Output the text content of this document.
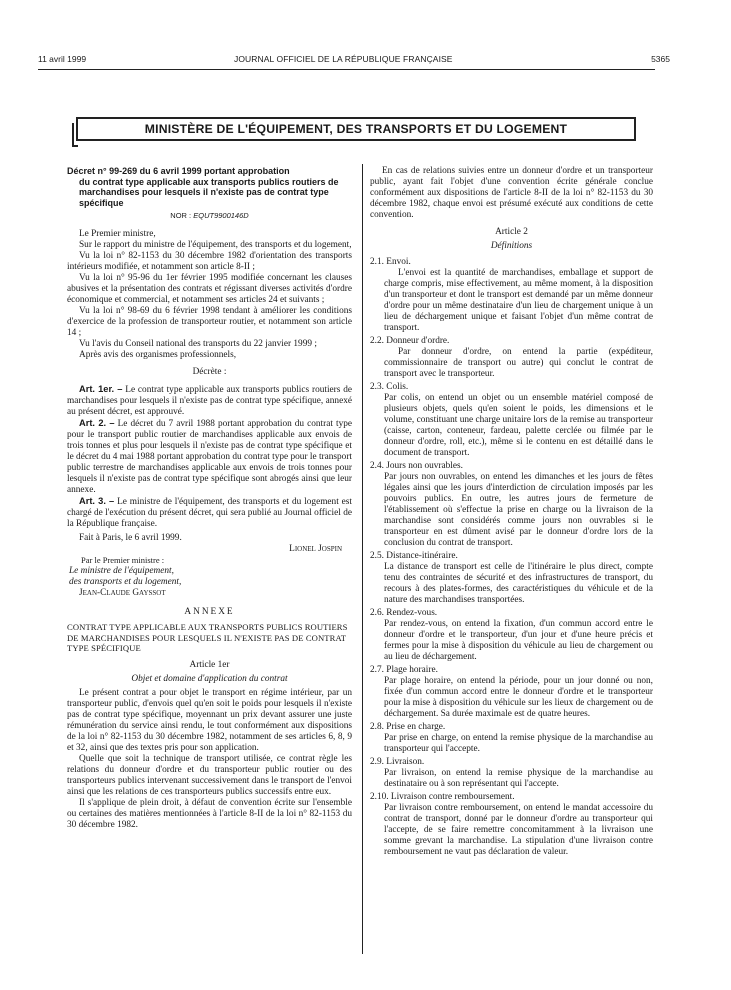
11 avril 1999	JOURNAL OFFICIEL DE LA RÉPUBLIQUE FRANÇAISE	5365
MINISTÈRE DE L'ÉQUIPEMENT, DES TRANSPORTS ET DU LOGEMENT
Décret n° 99-269 du 6 avril 1999 portant approbation
du contrat type applicable aux transports publics routiers de marchandises pour lesquels il n'existe pas de contrat type spécifique
NOR : EQUT9900146D

Le Premier ministre,

Sur le rapport du ministre de l'équipement, des transports et du logement,

Vu la loi n° 82-1153 du 30 décembre 1982 d'orientation des transports intérieurs modifiée, et notamment son article 8-II ;

Vu la loi n° 95-96 du 1er février 1995 modifiée concernant les clauses abusives et la présentation des contrats et régissant diverses activités d'ordre économique et commercial, et notamment ses articles 24 et suivants ;

Vu la loi n° 98-69 du 6 février 1998 tendant à améliorer les conditions d'exercice de la profession de transporteur routier, et notamment son article 14 ;

Vu l'avis du Conseil national des transports du 22 janvier 1999 ;

Après avis des organismes professionnels,

Décrète :

Art. 1er. – Le contrat type applicable aux transports publics routiers de marchandises pour lesquels il n'existe pas de contrat type spécifique, annexé au présent décret, est approuvé.

Art. 2. – Le décret du 7 avril 1988 portant approbation du contrat type pour le transport public routier de marchandises applicable aux envois de trois tonnes et plus pour lesquels il n'existe pas de contrat type spécifique et le décret du 4 mai 1988 portant approbation du contrat type pour le transport public terrestre de marchandises applicable aux envois de trois tonnes pour lesquels il n'existe pas de contrat type spécifique sont abrogés ainsi que leur annexe.

Art. 3. – Le ministre de l'équipement, des transports et du logement est chargé de l'exécution du présent décret, qui sera publié au Journal officiel de la République française.

Fait à Paris, le 6 avril 1999.

Lionel Jospin

Par le Premier ministre :

Le ministre de l'équipement,

des transports et du logement,

Jean-Claude Gayssot

ANNEXE

CONTRAT TYPE APPLICABLE AUX TRANSPORTS PUBLICS ROUTIERS DE MARCHANDISES POUR LESQUELS IL N'EXISTE PAS DE CONTRAT TYPE SPÉCIFIQUE

Article 1er

Objet et domaine d'application du contrat

Le présent contrat a pour objet le transport en régime intérieur, par un transporteur public, d'envois quel qu'en soit le poids pour lesquels il n'existe pas de contrat type spécifique, moyennant un prix devant assurer une juste rémunération du service ainsi rendu, le tout conformément aux dispositions de la loi n° 82-1153 du 30 décembre 1982, notamment de ses articles 6, 8, 9 et 32, ainsi que des textes pris pour son application.

Quelle que soit la technique de transport utilisée, ce contrat règle les relations du donneur d'ordre et du transporteur public routier ou des transporteurs publics intervenant successivement dans le transport de l'envoi ainsi que les relations de ces transporteurs publics successifs entre eux.

Il s'applique de plein droit, à défaut de convention écrite sur l'ensemble ou certaines des matières mentionnées à l'article 8-II de la loi n° 82-1153 du 30 décembre 1982.

En cas de relations suivies entre un donneur d'ordre et un transporteur public, ayant fait l'objet d'une convention écrite générale conclue conformément aux dispositions de l'article 8-II de la loi n° 82-1153 du 30 décembre 1982, chaque envoi est présumé exécuté aux conditions de cette convention.

Article 2

Définitions

2.1. Envoi.

L'envoi est la quantité de marchandises, emballage et support de charge compris, mise effectivement, au même moment, à la disposition d'un transporteur et dont le transport est demandé par un même donneur d'ordre pour un même destinataire d'un lieu de chargement unique à un lieu de déchargement unique et faisant l'objet d'un même contrat de transport.

2.2. Donneur d'ordre.

Par donneur d'ordre, on entend la partie (expéditeur, commissionnaire de transport ou autre) qui conclut le contrat de transport avec le transporteur.

2.3. Colis.

Par colis, on entend un objet ou un ensemble matériel composé de plusieurs objets, quels qu'en soient le poids, les dimensions et le volume, constituant une charge unitaire lors de la remise au transporteur (caisse, carton, conteneur, fardeau, palette cerclée ou filmée par le donneur d'ordre, roll, etc.), même si le contenu en est détaillé dans le document de transport.

2.4. Jours non ouvrables.

Par jours non ouvrables, on entend les dimanches et les jours de fêtes légales ainsi que les jours d'interdiction de circulation imposés par les pouvoirs publics. En outre, les autres jours de fermeture de l'établissement où s'effectue la prise en charge ou la livraison de la marchandise sont considérés comme jours non ouvrables si le transporteur en est dûment avisé par le donneur d'ordre lors de la conclusion du contrat de transport.

2.5. Distance-itinéraire.

La distance de transport est celle de l'itinéraire le plus direct, compte tenu des contraintes de sécurité et des infrastructures de transport, du recours à des plates-formes, des caractéristiques du véhicule et de la nature des marchandises transportées.

2.6. Rendez-vous.

Par rendez-vous, on entend la fixation, d'un commun accord entre le donneur d'ordre et le transporteur, d'un jour et d'une heure précis et fermes pour la mise à disposition du véhicule au lieu de chargement ou au lieu de déchargement.

2.7. Plage horaire.

Par plage horaire, on entend la période, pour un jour donné ou non, fixée d'un commun accord entre le donneur d'ordre et le transporteur pour la mise à disposition du véhicule sur les lieux de chargement ou de déchargement. Sa durée maximale est de quatre heures.

2.8. Prise en charge.

Par prise en charge, on entend la remise physique de la marchandise au transporteur qui l'accepte.

2.9. Livraison.

Par livraison, on entend la remise physique de la marchandise au destinataire ou à son représentant qui l'accepte.

2.10. Livraison contre remboursement.

Par livraison contre remboursement, on entend le mandat accessoire du contrat de transport, donné par le donneur d'ordre au transporteur qui l'accepte, de se faire remettre concomitamment à la livraison une somme grevant la marchandise. La stipulation d'une livraison contre remboursement ne vaut pas déclaration de valeur.
